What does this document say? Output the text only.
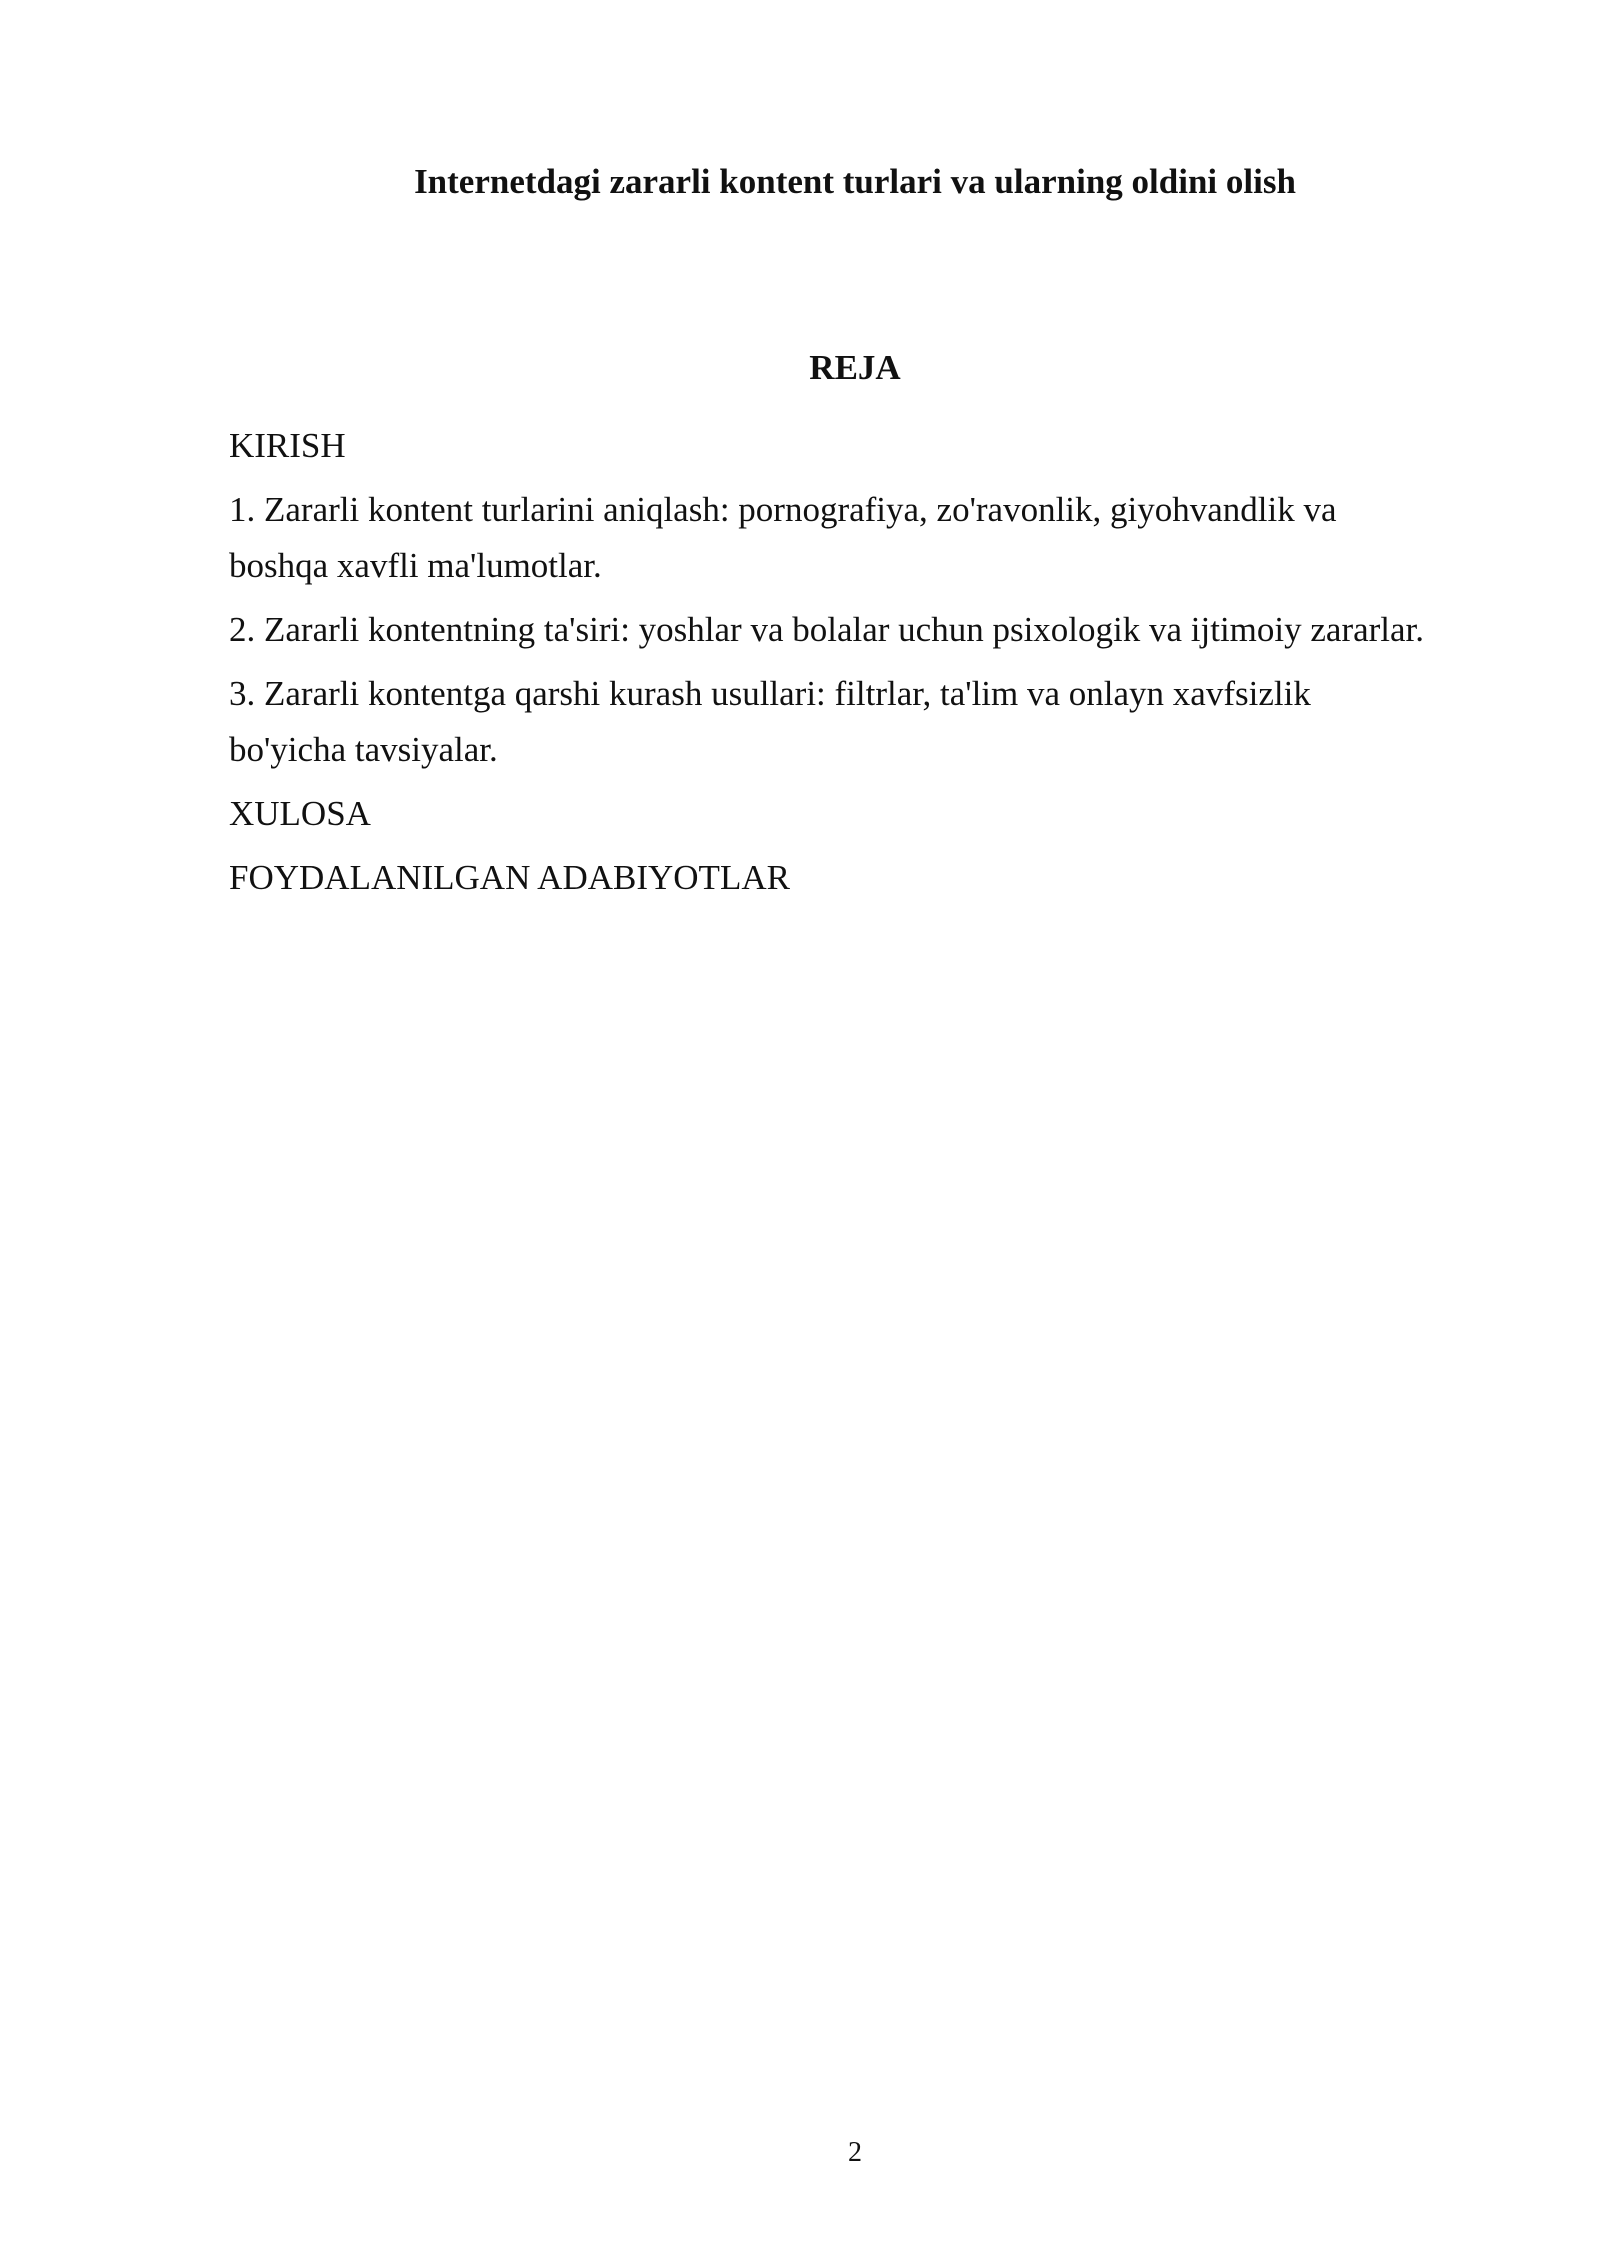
Internetdagi zararli kontent turlari va ularning oldini olish
REJA
KIRISH
1. Zararli kontent turlarini aniqlash: pornografiya, zo'ravonlik, giyohvandlik va boshqa xavfli ma'lumotlar.
2. Zararli kontentning ta'siri: yoshlar va bolalar uchun psixologik va ijtimoiy zararlar.
3. Zararli kontentga qarshi kurash usullari: filtrlar, ta'lim va onlayn xavfsizlik bo'yicha tavsiyalar.
XULOSA
FOYDALANILGAN ADABIYOTLAR
2
